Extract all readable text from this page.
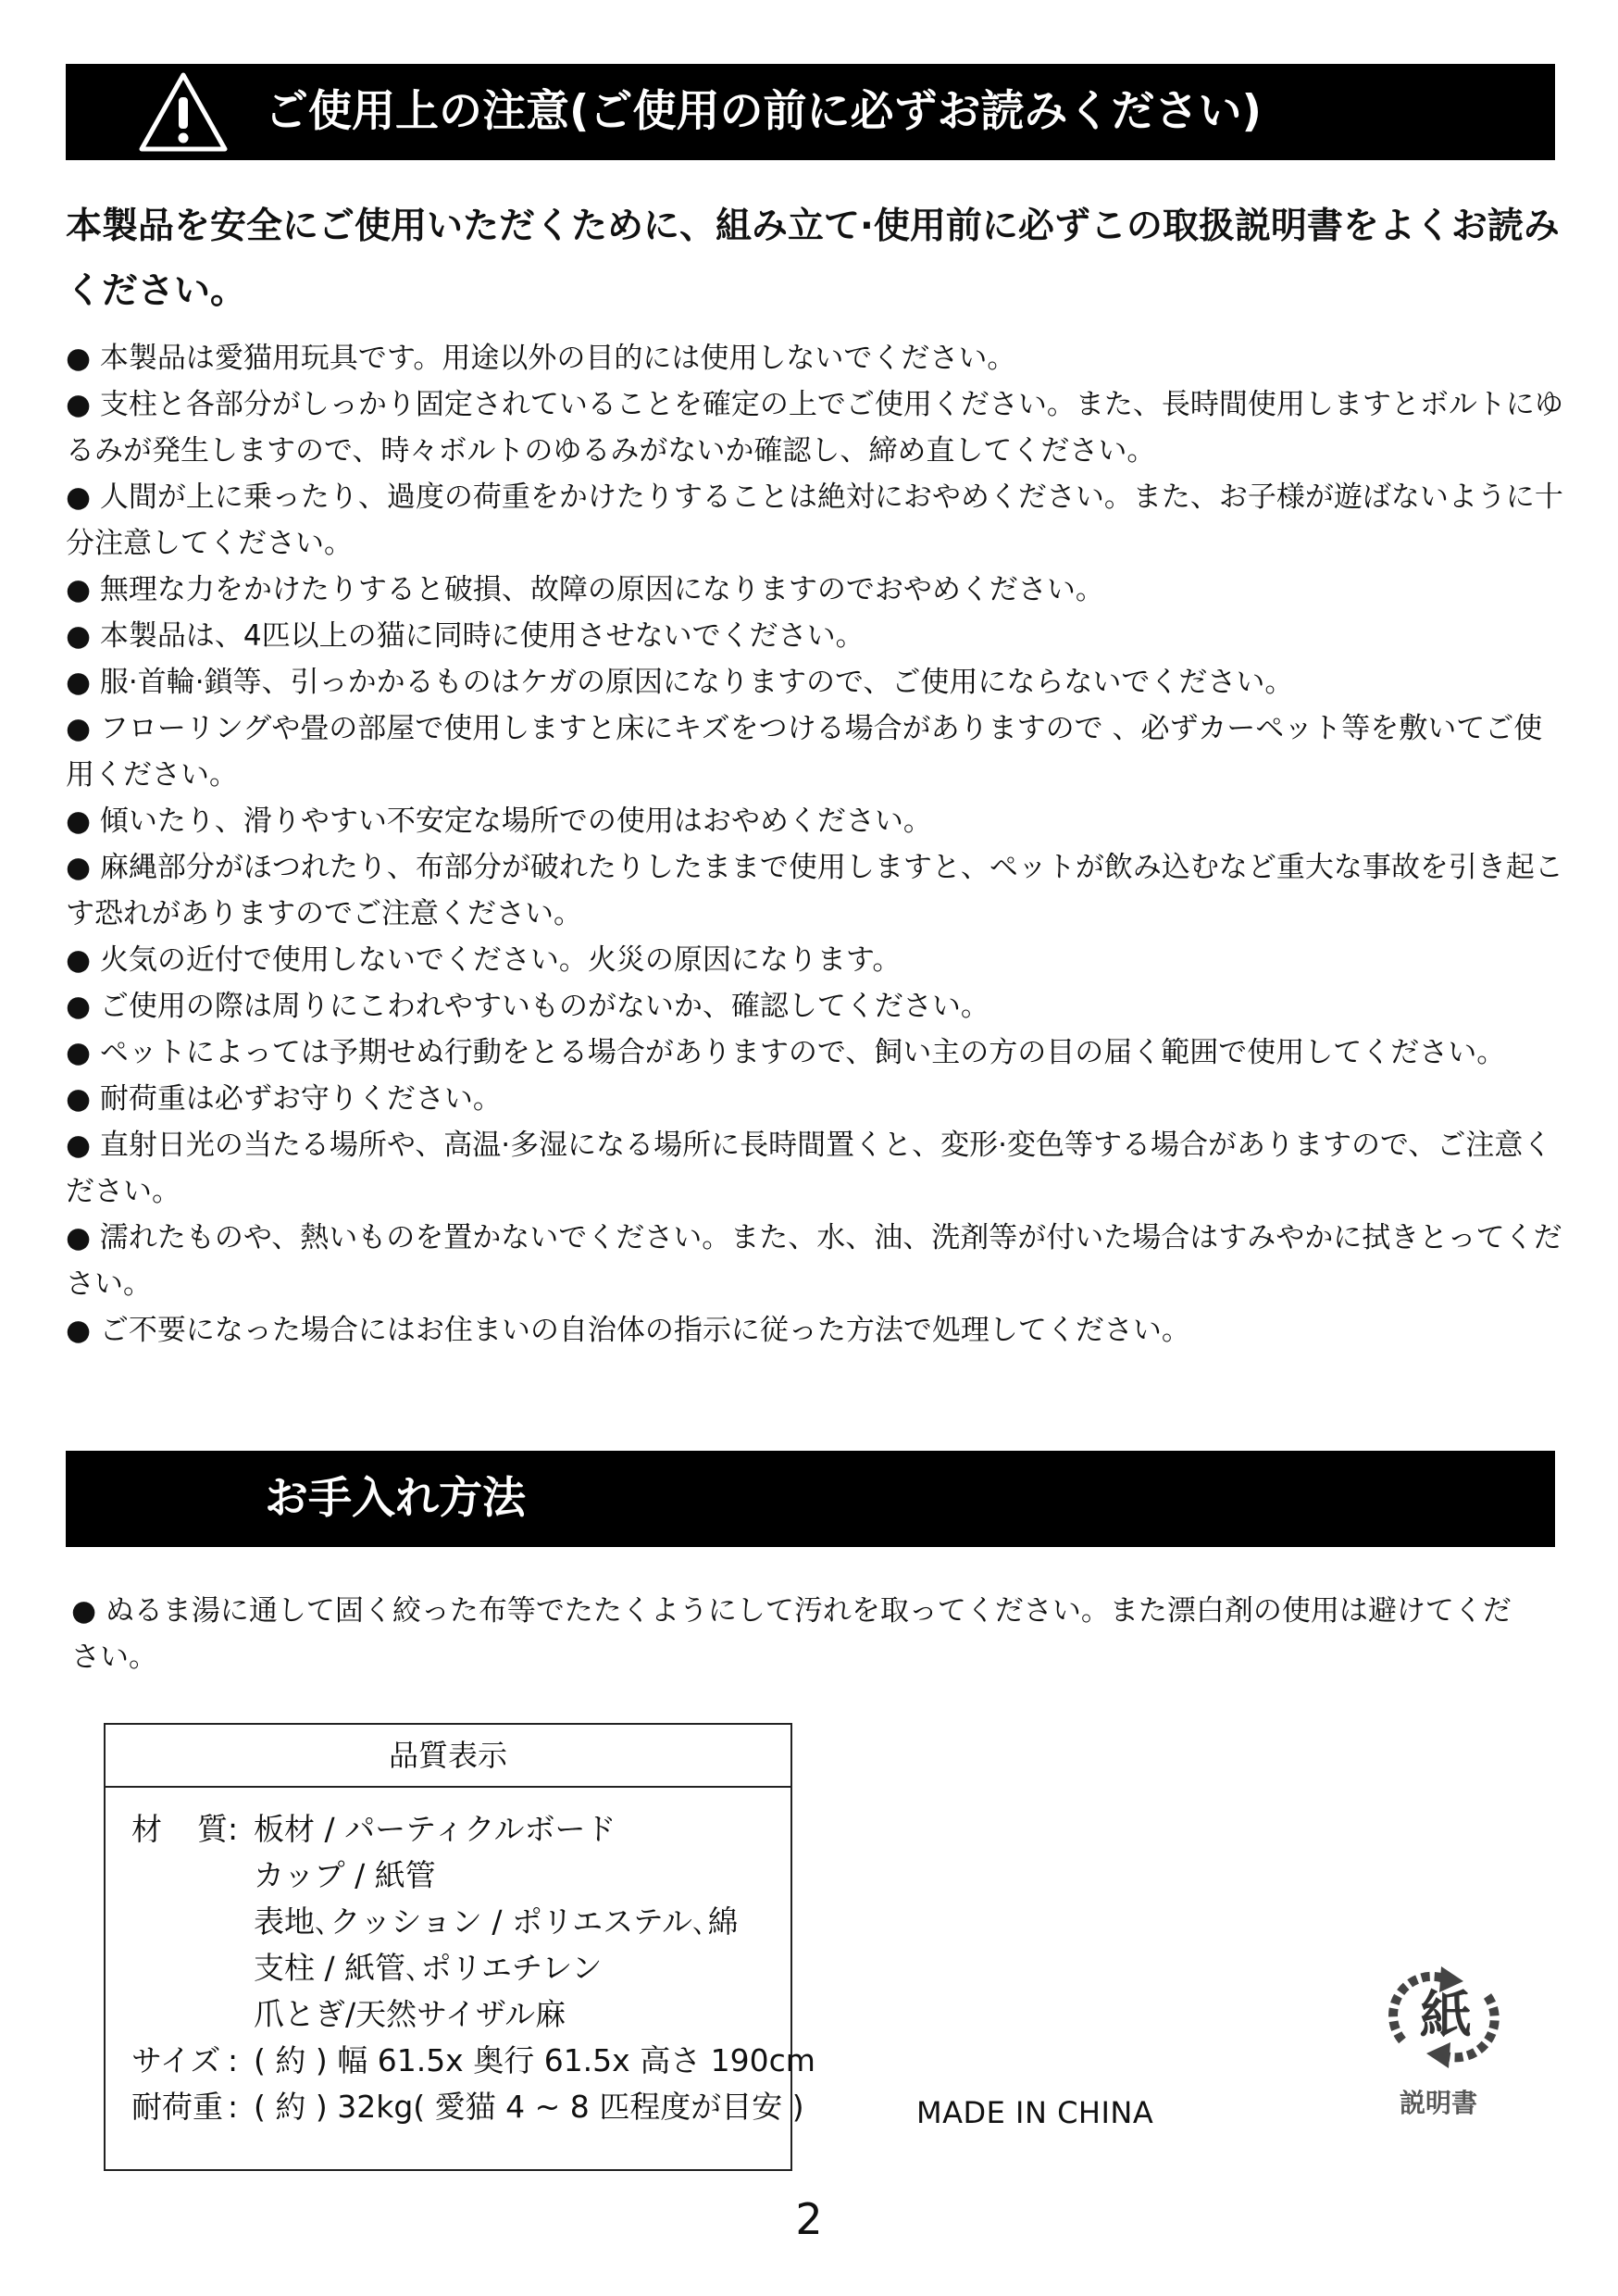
ご使用上の注意(ご使用の前に必ずお読みください)
本製品を安全にご使用いただくために、組み立て·使用前に必ずこの取扱説明書をよくお読みください。
● 本製品は愛猫用玩具です。用途以外の目的には使用しないでください。
● 支柱と各部分がしっかり固定されていることを確定の上でご使用ください。また、長時間使用しますとボルトにゆるみが発生しますので、時々ボルトのゆるみがないか確認し、締め直してください。
● 人間が上に乗ったり、過度の荷重をかけたりすることは絶対におやめください。また、お子様が遊ばないように十分注意してください。
● 無理な力をかけたりすると破損、故障の原因になりますのでおやめください。
● 本製品は、4匹以上の猫に同時に使用させないでください。
● 服·首輪·鎖等、引っかかるものはケガの原因になりますので、ご使用にならないでください。
● フローリングや畳の部屋で使用しますと床にキズをつける場合がありますので 、必ずカーペット等を敷いてご使用ください。
● 傾いたり、滑りやすい不安定な場所での使用はおやめください。
● 麻縄部分がほつれたり、布部分が破れたりしたままで使用しますと、ペットが飲み込むなど重大な事故を引き起こす恐れがありますのでご注意ください。
● 火気の近付で使用しないでください。火災の原因になります。
● ご使用の際は周りにこわれやすいものがないか、確認してください。
● ペットによっては予期せぬ行動をとる場合がありますので、飼い主の方の目の届く範囲で使用してください。
● 耐荷重は必ずお守りください。
● 直射日光の当たる場所や、高温·多湿になる場所に長時間置くと、変形·変色等する場合がありますので、ご注意ください。
● 濡れたものや、熱いものを置かないでください。また、水、油、洗剤等が付いた場合はすみやかに拭きとってください。
● ご不要になった場合にはお住まいの自治体の指示に従った方法で処理してください。
お手入れ方法
● ぬるま湯に通して固く絞った布等でたたくようにして汚れを取ってください。また漂白剤の使用は避けてください。
品質表示
材 質 : 板材 / パーティクルボード
カップ / 紙管
表地､クッション / ポリエステル､綿
支柱 / 紙管､ポリエチレン
爪とぎ/天然サイザル麻
サイズ : ( 約 ) 幅 61.5x 奥行 61.5x 高さ 190cm
耐荷重 : ( 約 ) 32kg( 愛猫 4 ~ 8 匹程度が目安 )	MADE IN CHINA
紙
説明書
2
